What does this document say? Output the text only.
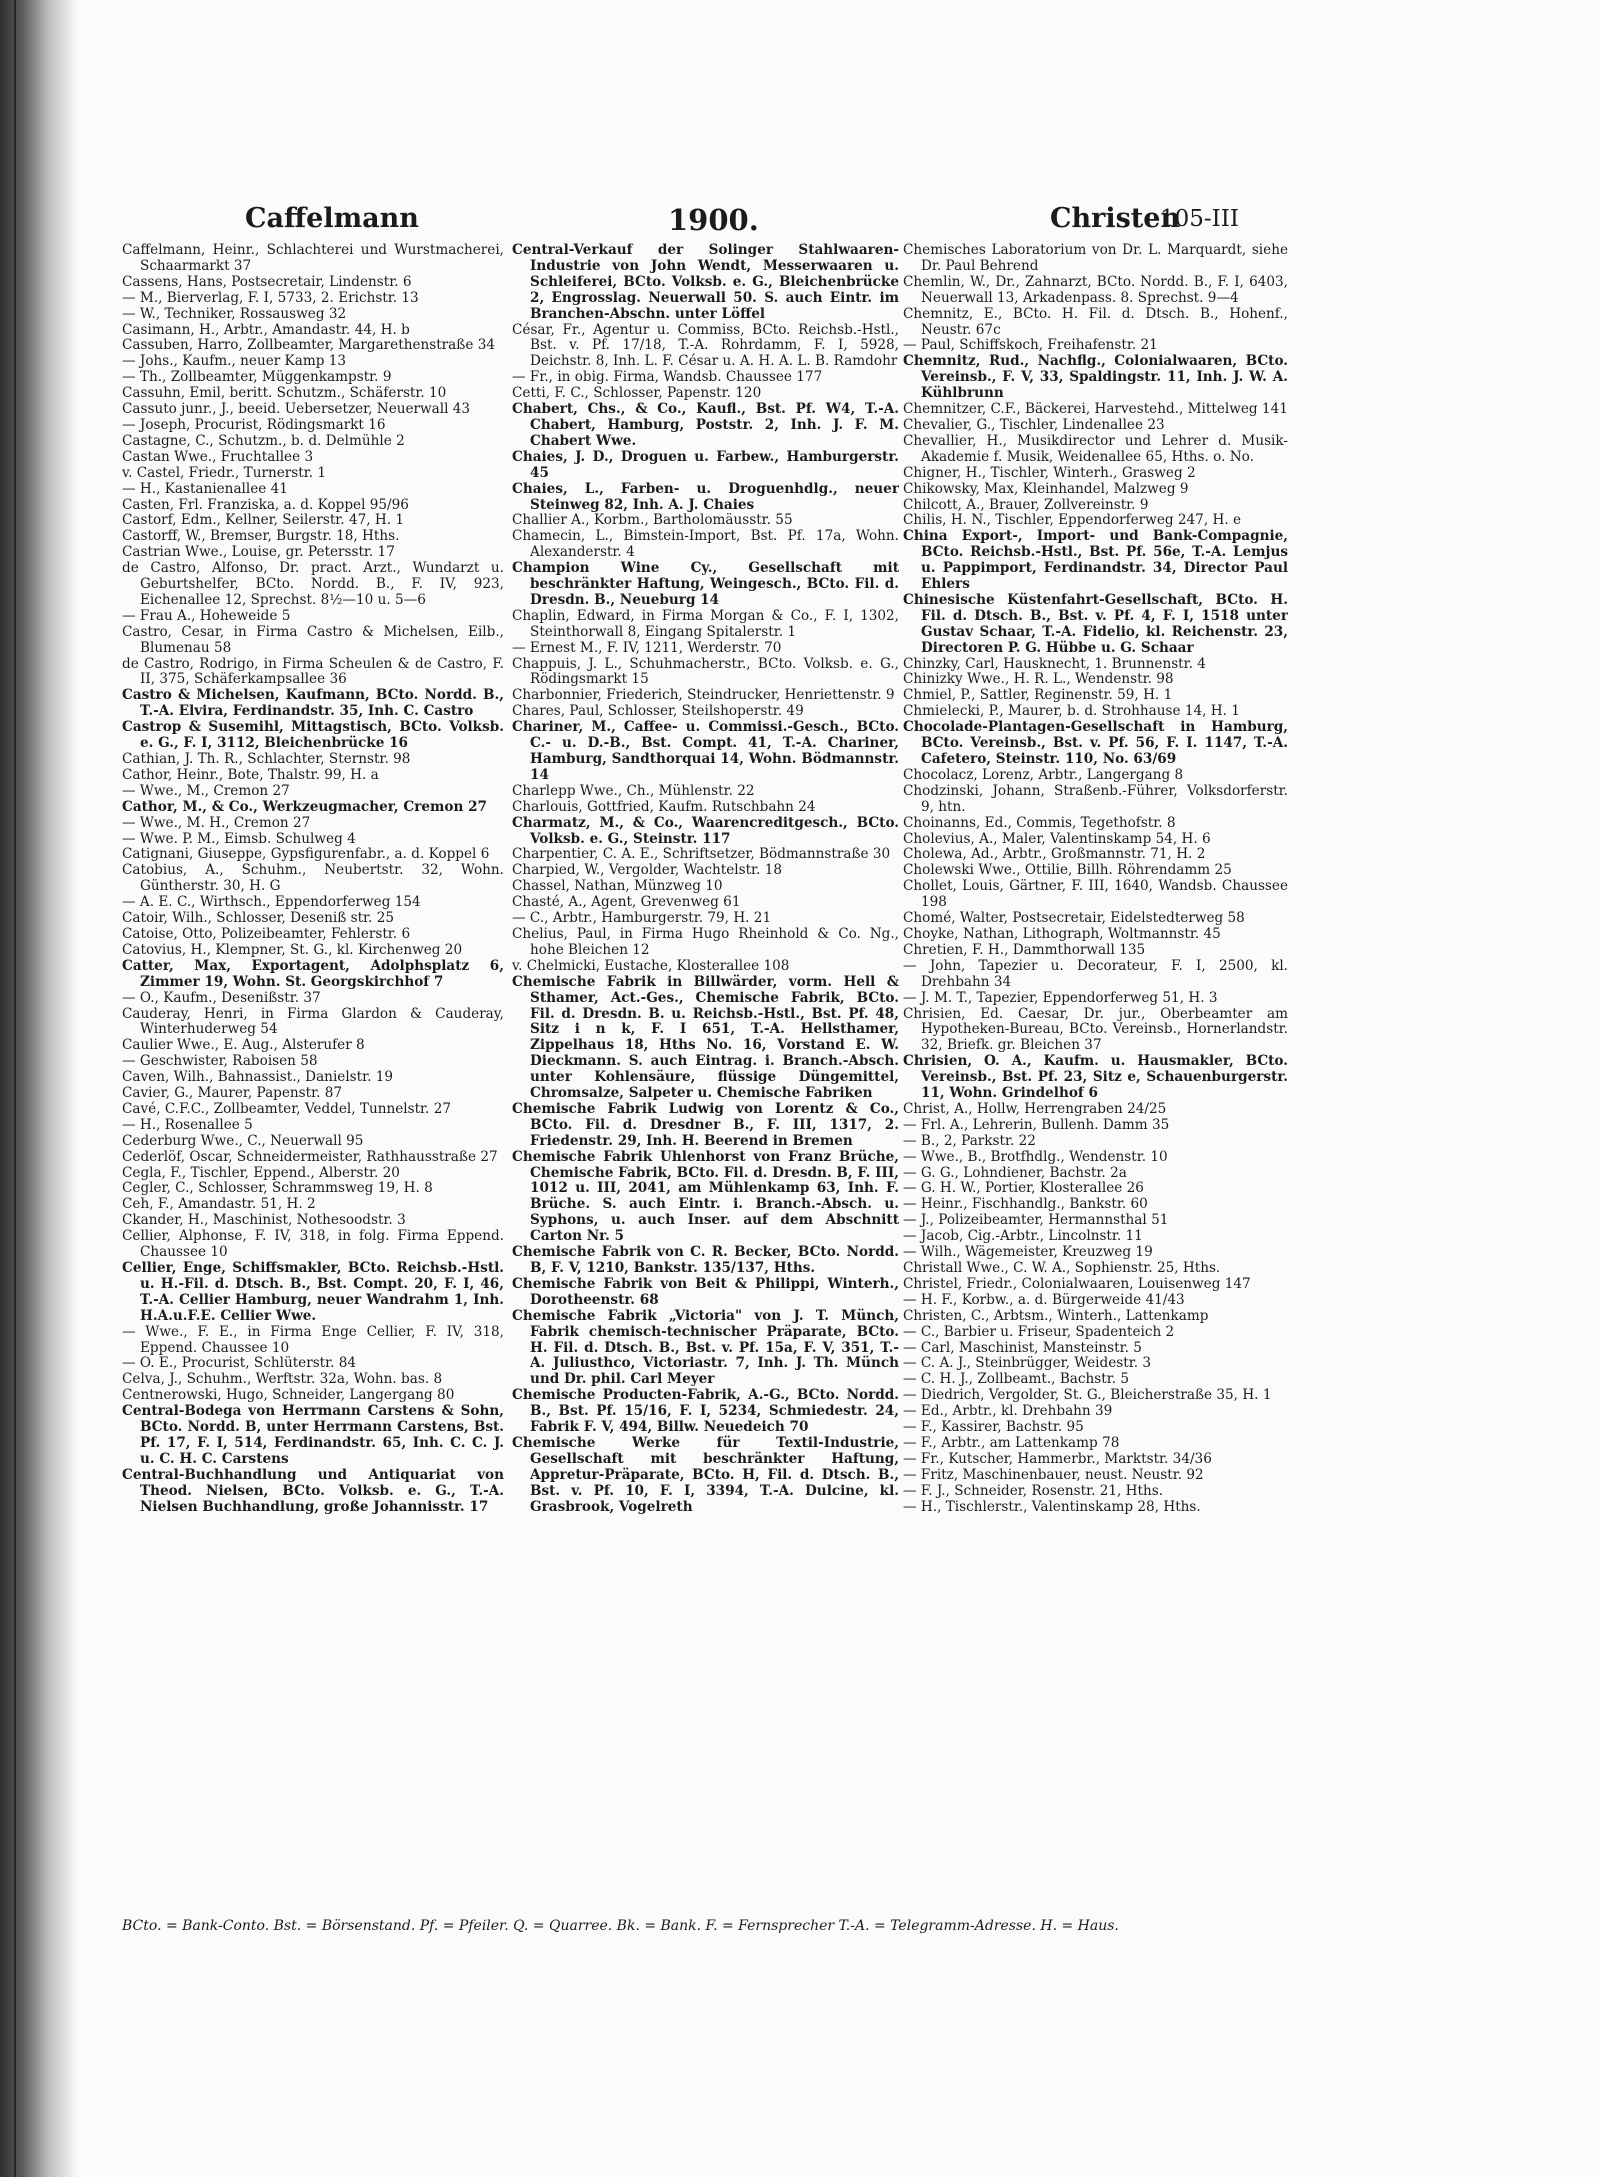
Caffelmann	1900.	Christen
105-III

Caffelmann, Heinr., Schlachterei und Wurstmacherei, Schaarmarkt 37

Cassens, Hans, Postsecretair, Lindenstr. 6

— M., Bierverlag, F. I, 5733, 2. Erichstr. 13

— W., Techniker, Rossausweg 32

Casimann, H., Arbtr., Amandastr. 44, H. b

Cassuben, Harro, Zollbeamter, Margarethenstraße 34

— Johs., Kaufm., neuer Kamp 13

— Th., Zollbeamter, Müggenkampstr. 9

Cassuhn, Emil, beritt. Schutzm., Schäferstr. 10

Cassuto junr., J., beeid. Uebersetzer, Neuerwall 43

— Joseph, Procurist, Rödingsmarkt 16

Castagne, C., Schutzm., b. d. Delmühle 2

Castan Wwe., Fruchtallee 3

v. Castel, Friedr., Turnerstr. 1

— H., Kastanienallee 41

Casten, Frl. Franziska, a. d. Koppel 95/96

Castorf, Edm., Kellner, Seilerstr. 47, H. 1

Castorff, W., Bremser, Burgstr. 18, Hths.

Castrian Wwe., Louise, gr. Petersstr. 17

de Castro, Alfonso, Dr. pract. Arzt., Wundarzt u. Geburtshelfer, BCto. Nordd. B., F. IV, 923, Eichenallee 12, Sprechst. 8½—10 u. 5—6

— Frau A., Hoheweide 5

Castro, Cesar, in Firma Castro & Michelsen, Eilb., Blumenau 58

de Castro, Rodrigo, in Firma Scheulen & de Castro, F. II, 375, Schäferkampsallee 36

Castro & Michelsen, Kaufmann, BCto. Nordd. B., T.-A. Elvira, Ferdinandstr. 35, Inh. C. Castro

Castrop & Susemihl, Mittagstisch, BCto. Volksb. e. G., F. I, 3112, Bleichenbrücke 16

Cathian, J. Th. R., Schlachter, Sternstr. 98

Cathor, Heinr., Bote, Thalstr. 99, H. a

— Wwe., M., Cremon 27

Cathor, M., & Co., Werkzeugmacher, Cremon 27

— Wwe., M. H., Cremon 27

— Wwe. P. M., Eimsb. Schulweg 4

Catignani, Giuseppe, Gypsfigurenfabr., a. d. Koppel 6

Catobius, A., Schuhm., Neubertstr. 32, Wohn. Güntherstr. 30, H. G

— A. E. C., Wirthsch., Eppendorferweg 154

Catoir, Wilh., Schlosser, Deseniß str. 25

Catoise, Otto, Polizeibeamter, Fehlerstr. 6

Catovius, H., Klempner, St. G., kl. Kirchenweg 20

Catter, Max, Exportagent, Adolphsplatz 6, Zimmer 19, Wohn. St. Georgskirchhof 7

— O., Kaufm., Desenißstr. 37

Cauderay, Henri, in Firma Glardon & Cauderay, Winterhuderweg 54

Caulier Wwe., E. Aug., Alsterufer 8

— Geschwister, Raboisen 58

Caven, Wilh., Bahnassist., Danielstr. 19

Cavier, G., Maurer, Papenstr. 87

Cavé, C.F.C., Zollbeamter, Veddel, Tunnelstr. 27

— H., Rosenallee 5

Cederburg Wwe., C., Neuerwall 95

Cederlöf, Oscar, Schneidermeister, Rathhausstraße 27

Cegla, F., Tischler, Eppend., Alberstr. 20

Cegler, C., Schlosser, Schrammsweg 19, H. 8

Ceh, F., Amandastr. 51, H. 2

Ckander, H., Maschinist, Nothesoodstr. 3

Cellier, Alphonse, F. IV, 318, in folg. Firma Eppend. Chaussee 10

Cellier, Enge, Schiffsmakler, BCto. Reichsb.-Hstl. u. H.-Fil. d. Dtsch. B., Bst. Compt. 20, F. I, 46, T.-A. Cellier Hamburg, neuer Wandrahm 1, Inh. H.A.u.F.E. Cellier Wwe.

— Wwe., F. E., in Firma Enge Cellier, F. IV, 318, Eppend. Chaussee 10

— O. E., Procurist, Schlüterstr. 84

Celva, J., Schuhm., Werftstr. 32a, Wohn. bas. 8

Centnerowski, Hugo, Schneider, Langergang 80

Central-Bodega von Herrmann Carstens & Sohn, BCto. Nordd. B, unter Herrmann Carstens, Bst. Pf. 17, F. I, 514, Ferdinandstr. 65, Inh. C. C. J. u. C. H. C. Carstens

Central-Buchhandlung und Antiquariat von Theod. Nielsen, BCto. Volksb. e. G., T.-A. Nielsen Buchhandlung, große Johannisstr. 17

Central-Verkauf der Solinger Stahlwaaren-Industrie von John Wendt, Messerwaaren u. Schleiferei, BCto. Volksb. e. G., Bleichenbrücke 2, Engrosslag. Neuerwall 50. S. auch Eintr. im Branchen-Abschn. unter Löffel

César, Fr., Agentur u. Commiss, BCto. Reichsb.-Hstl., Bst. v. Pf. 17/18, T.-A. Rohrdamm, F. I, 5928, Deichstr. 8, Inh. L. F. César u. A. H. A. L. B. Ramdohr

— Fr., in obig. Firma, Wandsb. Chaussee 177

Cetti, F. C., Schlosser, Papenstr. 120

Chabert, Chs., & Co., Kaufl., Bst. Pf. W4, T.-A. Chabert, Hamburg, Poststr. 2, Inh. J. F. M. Chabert Wwe.

Chaies, J. D., Droguen u. Farbew., Hamburgerstr. 45

Chaies, L., Farben- u. Droguenhdlg., neuer Steinweg 82, Inh. A. J. Chaies

Challier A., Korbm., Bartholomäusstr. 55

Chamecin, L., Bimstein-Import, Bst. Pf. 17a, Wohn. Alexanderstr. 4

Champion Wine Cy., Gesellschaft mit beschränkter Haftung, Weingesch., BCto. Fil. d. Dresdn. B., Neueburg 14

Chaplin, Edward, in Firma Morgan & Co., F. I, 1302, Steinthorwall 8, Eingang Spitalerstr. 1

— Ernest M., F. IV, 1211, Werderstr. 70

Chappuis, J. L., Schuhmacherstr., BCto. Volksb. e. G., Rödingsmarkt 15

Charbonnier, Friederich, Steindrucker, Henriettenstr. 9

Chares, Paul, Schlosser, Steilshoperstr. 49

Chariner, M., Caffee- u. Commissi.-Gesch., BCto. C.- u. D.-B., Bst. Compt. 41, T.-A. Chariner, Hamburg, Sandthorquai 14, Wohn. Bödmannstr. 14

Charlepp Wwe., Ch., Mühlenstr. 22

Charlouis, Gottfried, Kaufm. Rutschbahn 24

Charmatz, M., & Co., Waarencreditgesch., BCto. Volksb. e. G., Steinstr. 117

Charpentier, C. A. E., Schriftsetzer, Bödmannstraße 30

Charpied, W., Vergolder, Wachtelstr. 18

Chassel, Nathan, Münzweg 10

Chasté, A., Agent, Grevenweg 61

— C., Arbtr., Hamburgerstr. 79, H. 21

Chelius, Paul, in Firma Hugo Rheinhold & Co. Ng., hohe Bleichen 12

v. Chelmicki, Eustache, Klosterallee 108

Chemische Fabrik in Billwärder, vorm. Hell & Sthamer, Act.-Ges., Chemische Fabrik, BCto. Fil. d. Dresdn. B. u. Reichsb.-Hstl., Bst. Pf. 48, Sitz i n k, F. I 651, T.-A. Hellsthamer, Zippelhaus 18, Hths No. 16, Vorstand E. W. Dieckmann. S. auch Eintrag. i. Branch.-Absch. unter Kohlensäure, flüssige Düngemittel, Chromsalze, Salpeter u. Chemische Fabriken

Chemische Fabrik Ludwig von Lorentz & Co., BCto. Fil. d. Dresdner B., F. III, 1317, 2. Friedenstr. 29, Inh. H. Beerend in Bremen

Chemische Fabrik Uhlenhorst von Franz Brüche, Chemische Fabrik, BCto. Fil. d. Dresdn. B, F. III, 1012 u. III, 2041, am Mühlenkamp 63, Inh. F. Brüche. S. auch Eintr. i. Branch.-Absch. u. Syphons, u. auch Inser. auf dem Abschnitt Carton Nr. 5

Chemische Fabrik von C. R. Becker, BCto. Nordd. B, F. V, 1210, Bankstr. 135/137, Hths.

Chemische Fabrik von Beit & Philippi, Winterh., Dorotheenstr. 68

Chemische Fabrik „Victoria" von J. T. Münch, Fabrik chemisch-technischer Präparate, BCto. H. Fil. d. Dtsch. B., Bst. v. Pf. 15a, F. V, 351, T.-A. Juliusthco, Victoriastr. 7, Inh. J. Th. Münch und Dr. phil. Carl Meyer

Chemische Producten-Fabrik, A.-G., BCto. Nordd. B., Bst. Pf. 15/16, F. I, 5234, Schmiedestr. 24, Fabrik F. V, 494, Billw. Neuedeich 70

Chemische Werke für Textil-Industrie, Gesellschaft mit beschränkter Haftung, Appretur-Präparate, BCto. H, Fil. d. Dtsch. B., Bst. v. Pf. 10, F. I, 3394, T.-A. Dulcine, kl. Grasbrook, Vogelreth

Chemisches Laboratorium von Dr. L. Marquardt, siehe Dr. Paul Behrend

Chemlin, W., Dr., Zahnarzt, BCto. Nordd. B., F. I, 6403, Neuerwall 13, Arkadenpass. 8. Sprechst. 9—4

Chemnitz, E., BCto. H. Fil. d. Dtsch. B., Hohenf., Neustr. 67c

— Paul, Schiffskoch, Freihafenstr. 21

Chemnitz, Rud., Nachflg., Colonialwaaren, BCto. Vereinsb., F. V, 33, Spaldingstr. 11, Inh. J. W. A. Kühlbrunn

Chemnitzer, C.F., Bäckerei, Harvestehd., Mittelweg 141

Chevalier, G., Tischler, Lindenallee 23

Chevallier, H., Musikdirector und Lehrer d. Musik-Akademie f. Musik, Weidenallee 65, Hths. o. No.

Chigner, H., Tischler, Winterh., Grasweg 2

Chikowsky, Max, Kleinhandel, Malzweg 9

Chilcott, A., Brauer, Zollvereinstr. 9

Chilis, H. N., Tischler, Eppendorferweg 247, H. e

China Export-, Import- und Bank-Compagnie, BCto. Reichsb.-Hstl., Bst. Pf. 56e, T.-A. Lemjus u. Pappimport, Ferdinandstr. 34, Director Paul Ehlers

Chinesische Küstenfahrt-Gesellschaft, BCto. H. Fil. d. Dtsch. B., Bst. v. Pf. 4, F. I, 1518 unter Gustav Schaar, T.-A. Fidelio, kl. Reichenstr. 23, Directoren P. G. Hübbe u. G. Schaar

Chinzky, Carl, Hausknecht, 1. Brunnenstr. 4

Chinizky Wwe., H. R. L., Wendenstr. 98

Chmiel, P., Sattler, Reginenstr. 59, H. 1

Chmielecki, P., Maurer, b. d. Strohhause 14, H. 1

Chocolade-Plantagen-Gesellschaft in Hamburg, BCto. Vereinsb., Bst. v. Pf. 56, F. I. 1147, T.-A. Cafetero, Steinstr. 110, No. 63/69

Chocolacz, Lorenz, Arbtr., Langergang 8

Chodzinski, Johann, Straßenb.-Führer, Volksdorferstr. 9, htn.

Choinanns, Ed., Commis, Tegethofstr. 8

Cholevius, A., Maler, Valentinskamp 54, H. 6

Cholewa, Ad., Arbtr., Großmannstr. 71, H. 2

Cholewski Wwe., Ottilie, Billh. Röhrendamm 25

Chollet, Louis, Gärtner, F. III, 1640, Wandsb. Chaussee 198

Chomé, Walter, Postsecretair, Eidelstedterweg 58

Choyke, Nathan, Lithograph, Woltmannstr. 45

Chretien, F. H., Dammthorwall 135

— John, Tapezier u. Decorateur, F. I, 2500, kl. Drehbahn 34

— J. M. T., Tapezier, Eppendorferweg 51, H. 3

Chrisien, Ed. Caesar, Dr. jur., Oberbeamter am Hypotheken-Bureau, BCto. Vereinsb., Hornerlandstr. 32, Briefk. gr. Bleichen 37

Chrisien, O. A., Kaufm. u. Hausmakler, BCto. Vereinsb., Bst. Pf. 23, Sitz e, Schauenburgerstr. 11, Wohn. Grindelhof 6

Christ, A., Hollw, Herrengraben 24/25

— Frl. A., Lehrerin, Bullenh. Damm 35

— B., 2, Parkstr. 22

— Wwe., B., Brotfhdlg., Wendenstr. 10

— G. G., Lohndiener, Bachstr. 2a

— G. H. W., Portier, Klosterallee 26

— Heinr., Fischhandlg., Bankstr. 60

— J., Polizeibeamter, Hermannsthal 51

— Jacob, Cig.-Arbtr., Lincolnstr. 11

— Wilh., Wägemeister, Kreuzweg 19

Christall Wwe., C. W. A., Sophienstr. 25, Hths.

Christel, Friedr., Colonialwaaren, Louisenweg 147

— H. F., Korbw., a. d. Bürgerweide 41/43

Christen, C., Arbtsm., Winterh., Lattenkamp

— C., Barbier u. Friseur, Spadenteich 2

— Carl, Maschinist, Mansteinstr. 5

— C. A. J., Steinbrügger, Weidestr. 3

— C. H. J., Zollbeamt., Bachstr. 5

— Diedrich, Vergolder, St. G., Bleicherstraße 35, H. 1

— Ed., Arbtr., kl. Drehbahn 39

— F., Kassirer, Bachstr. 95

— F., Arbtr., am Lattenkamp 78

— Fr., Kutscher, Hammerbr., Marktstr. 34/36

— Fritz, Maschinenbauer, neust. Neustr. 92

— F. J., Schneider, Rosenstr. 21, Hths.

— H., Tischlerstr., Valentinskamp 28, Hths.

BCto. = Bank-Conto. Bst. = Börsenstand. Pf. = Pfeiler. Q. = Quarree. Bk. = Bank. F. = Fernsprecher T.-A. = Telegramm-Adresse. H. = Haus.
